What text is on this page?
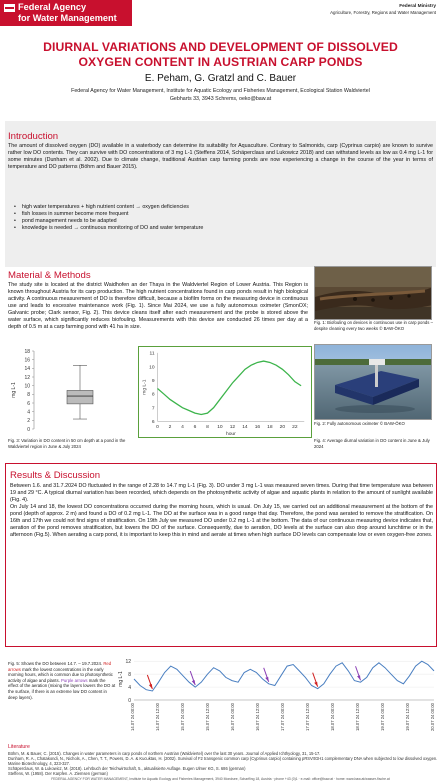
Federal Agency
for Water Management
Federal Ministry
Agriculture, Forestry, Regions and Water Management
DIURNAL VARIATIONS AND DEVELOPMENT OF DISSOLVED
OXYGEN CONTENT IN AUSTRIAN CARP PONDS
E. Peham, G. Gratzl and C. Bauer
Federal Agency for Water Management, Institute for Aquatic Ecology and Fisheries Management, Ecological Station Waldviertel
Gebharts 33, 3943 Schrems, oeko@baw.at
Introduction
The amount of dissolved oxygen (DO) available in a waterbody can determine its suitability for Aquaculture. Contrary to Salmonids, carp (Cyprinus carpio) are known to survive rather low DO contents. They can survive with DO concentrations of 3 mg L-1 (Steffens 2014, Schäperclaus and Lukowicz 2018) and can withstand levels as low as 0.4 mg L-1 for some minutes (Dunham et al. 2002). Due to climate change, traditional Austrian carp farming ponds are now experiencing a change in the course of the year in terms of temperature and DO patterns (Böhm and Bauer 2015).
• high water temperatures + high nutrient content → oxygen deficiencies
• fish losses in summer become more frequent
• pond management needs to be adapted
• knowledge is needed → continuous monitoring of DO and water temperature
Material & Methods
The study site is located at the district Waidhofen an der Thaya in the Waldviertel Region of Lower Austria. This Region is known throughout Austria for its carp production. The high nutrient concentrations found in carp ponds result in high biological activity. A continuous measurement of DO is therefore difficult, because a biofilm forms on the measuring device in continuous use and leads to excessive maintenance work (Fig. 1). Since Mai 2024, we use a fully autonomous oximeter (SmonOX; Galvanic probe; Clark sensor, Fig. 2). This device cleans itself after each measurement and the probe is stored above the water surface, which significantly reduces biofouling. Measurements with this device are conducted 26 times per day at a depth of 0.5 m at a carp farming pond with 41 ha in size.
Fig. 1: Biofouling on devices in continuous use in carp ponds – despite cleaning every two weeks © BAW-ÖKO
Fig. 2: Fully autonomous oximeter © BAW-ÖKO
0
2
4
6
8
10
12
14
16
18
mg L-1
Fig. 3: Variation in DO content in 50 cm depth at a pond in the Waldviertel region in June & July 2024
6
7
8
9
10
11
0 2 4 6 8 10 12 14 16 18 20 22
hour
mg L-1
Fig. 4: Average diurnal variation in DO content in June & July 2024
Results & Discussion

Between 1.6. and 31.7.2024 DO fluctuated in the range of 2.28 to 14.7 mg L-1 (Fig. 3). DO under 3 mg L-1 was measured seven times. During that time temperature was between 19 and 29 °C. A typical diurnal variation has been recorded, which depends on the photosynthetic activity of algae and aquatic plants in relation to the amount of sunlight available (Fig. 4).

On July 14 and 18, the lowest DO concentrations occurred during the morning hours, which is usual. On July 15, we carried out an additional measurement at the bottom of the pond (depth of approx. 2 m) and found a DO of 0.2 mg L-1. The DO at the surface was in a good range that day. Therefore, the pond was aerated to remove the stratification. On 16th and 17th we could not find signs of stratification. On 19th July we measured DO under 0.2 mg L-1 at the bottom. The data of our continuous measuring device indicates that, aeration of the pond removes stratification, but lowers the DO of the surface. Consequently, due to aeration, DO levels at the surface can also drop around lunchtime or in the afternoon (Fig.5). When aerating a carp pond, it is important to keep this in mind and aerate at times when high surface DO levels can compensate low or even oxygen-free zones.

Fig. 5: Shows the DO between 14.7. – 19.7.2024. Red arrows mark the lowest concentrations in the early morning hours, which is common due to photosynthetic activity of algae and plants. Purple arrows mark the effect of the aeration (mixing the layers lowers the DO at the surface, if there is an extreme low DO content in deep layers).
0
4
8
12
mg L-1
14.07 24 00:00	14.07 24 12:00	15.07 24 00:00	15.07 24 12:00	16.07 24 00:00	16.07 24 12:00	17.07 24 00:00	17.07 24 12:00	18.07 24 00:00	18.07 24 12:00	19.07 24 00:00	19.07 24 12:00	20.07 24 00:00
Literature
Böhm, M. & Bauer, C. (2015). Changes in water parameters in carp ponds of northern Austrian (Waldviertel) over the last 30 years. Journal of Applied Ichthyology, 31, 15-17.
Dunham, R. A., Chatakondi, N., Nichols, A., Chen, T. T., Powers, D. A. & Kucuktas, H. (2002). Survival of F2 transgenic common carp (Cyprinus carpio) containing pRSVrtGH1 complementary DNA when subjected to low dissolved oxygen. Marine Biotechnology, 4, 323-327.
Schäperclaus, W. & Lukowicz, M. (2018). Lehrbuch der Teichwirtschaft, 5., aktualisierte Auflage. Eugen Ulmer KG, S. 686 (german)
Steffens, W. (1958). Der Karpfen. A. Ziemsen (german)
FEDERAL AGENCY FOR WATER MANAGEMENT, Institute for Aquatic Ecology and Fisheries Management, 3940 Mondsee, Scharfling 18, Austria · phone +43 (0)1 · e-mail: office@baw.at · home: www.baw.at/wasser-fische.at
